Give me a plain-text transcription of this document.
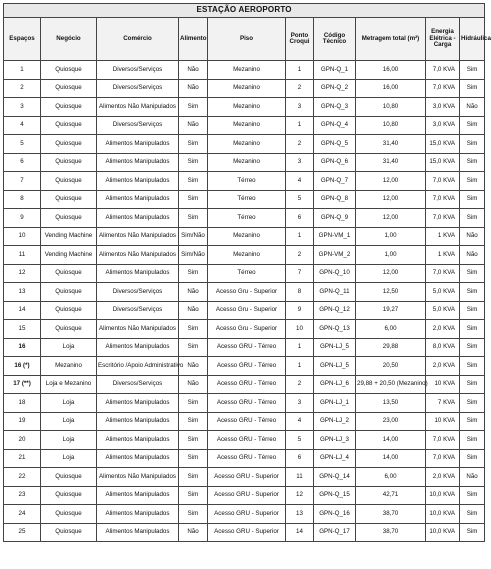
ESTAÇÃO AEROPORTO									
Espaços	Negócio	Comércio	Alimento	Piso	Ponto Croqui	Código Técnico	Metragem total (m²)	Energia Elétrica - Carga	Hidráulica
1	Quiosque	Diversos/Serviços	Não	Mezanino	1	GPN-Q_1	16,00	7,0 KVA	Sim
2	Quiosque	Diversos/Serviços	Não	Mezanino	2	GPN-Q_2	16,00	7,0 KVA	Sim
3	Quiosque	Alimentos Não Manipulados	Sim	Mezanino	3	GPN-Q_3	10,80	3,0 KVA	Não
4	Quiosque	Diversos/Serviços	Não	Mezanino	1	GPN-Q_4	10,80	3,0 KVA	Sim
5	Quiosque	Alimentos Manipulados	Sim	Mezanino	2	GPN-Q_5	31,40	15,0 KVA	Sim
6	Quiosque	Alimentos Manipulados	Sim	Mezanino	3	GPN-Q_6	31,40	15,0 KVA	Sim
7	Quiosque	Alimentos Manipulados	Sim	Térreo	4	GPN-Q_7	12,00	7,0 KVA	Sim
8	Quiosque	Alimentos Manipulados	Sim	Térreo	5	GPN-Q_8	12,00	7,0 KVA	Sim
9	Quiosque	Alimentos Manipulados	Sim	Térreo	6	GPN-Q_9	12,00	7,0 KVA	Sim
10	Vending Machine	Alimentos Não Manipulados	Sim/Não	Mezanino	1	GPN-VM_1	1,00	1 KVA	Não
11	Vending Machine	Alimentos Não Manipulados	Sim/Não	Mezanino	2	GPN-VM_2	1,00	1 KVA	Não
12	Quiosque	Alimentos Manipulados	Sim	Térreo	7	GPN-Q_10	12,00	7,0 KVA	Sim
13	Quiosque	Diversos/Serviços	Não	Acesso Gru - Superior	8	GPN-Q_11	12,50	5,0 KVA	Sim
14	Quiosque	Diversos/Serviços	Não	Acesso Gru - Superior	9	GPN-Q_12	19,27	5,0 KVA	Sim
15	Quiosque	Alimentos Não Manipulados	Sim	Acesso Gru - Superior	10	GPN-Q_13	6,00	2,0 KVA	Sim
16	Loja	Alimentos Manipulados	Sim	Acesso GRU - Térreo	1	GPN-LJ_5	29,88	8,0 KVA	Sim
16 (*)	Mezanino	Escritório /Apoio Administrativo	Não	Acesso GRU - Térreo	1	GPN-LJ_5	20,50	2,0 KVA	Sim
17 (**)	Loja e Mezanino	Diversos/Serviços	Não	Acesso GRU - Térreo	2	GPN-LJ_6	29,88 + 20,50 (Mezanino)	10 KVA	Sim
18	Loja	Alimentos Manipulados	Sim	Acesso GRU - Térreo	3	GPN-LJ_1	13,50	7 KVA	Sim
19	Loja	Alimentos Manipulados	Sim	Acesso GRU - Térreo	4	GPN-LJ_2	23,00	10 KVA	Sim
20	Loja	Alimentos Manipulados	Sim	Acesso GRU - Térreo	5	GPN-LJ_3	14,00	7,0 KVA	Sim
21	Loja	Alimentos Manipulados	Sim	Acesso GRU - Térreo	6	GPN-LJ_4	14,00	7,0 KVA	Sim
22	Quiosque	Alimentos Não Manipulados	Sim	Acesso GRU - Superior	11	GPN-Q_14	6,00	2,0 KVA	Não
23	Quiosque	Alimentos Manipulados	Sim	Acesso GRU - Superior	12	GPN-Q_15	42,71	10,0 KVA	Sim
24	Quiosque	Alimentos Manipulados	Sim	Acesso GRU - Superior	13	GPN-Q_16	38,70	10,0 KVA	Sim
25	Quiosque	Alimentos Manipulados	Não	Acesso GRU - Superior	14	GPN-Q_17	38,70	10,0 KVA	Sim
